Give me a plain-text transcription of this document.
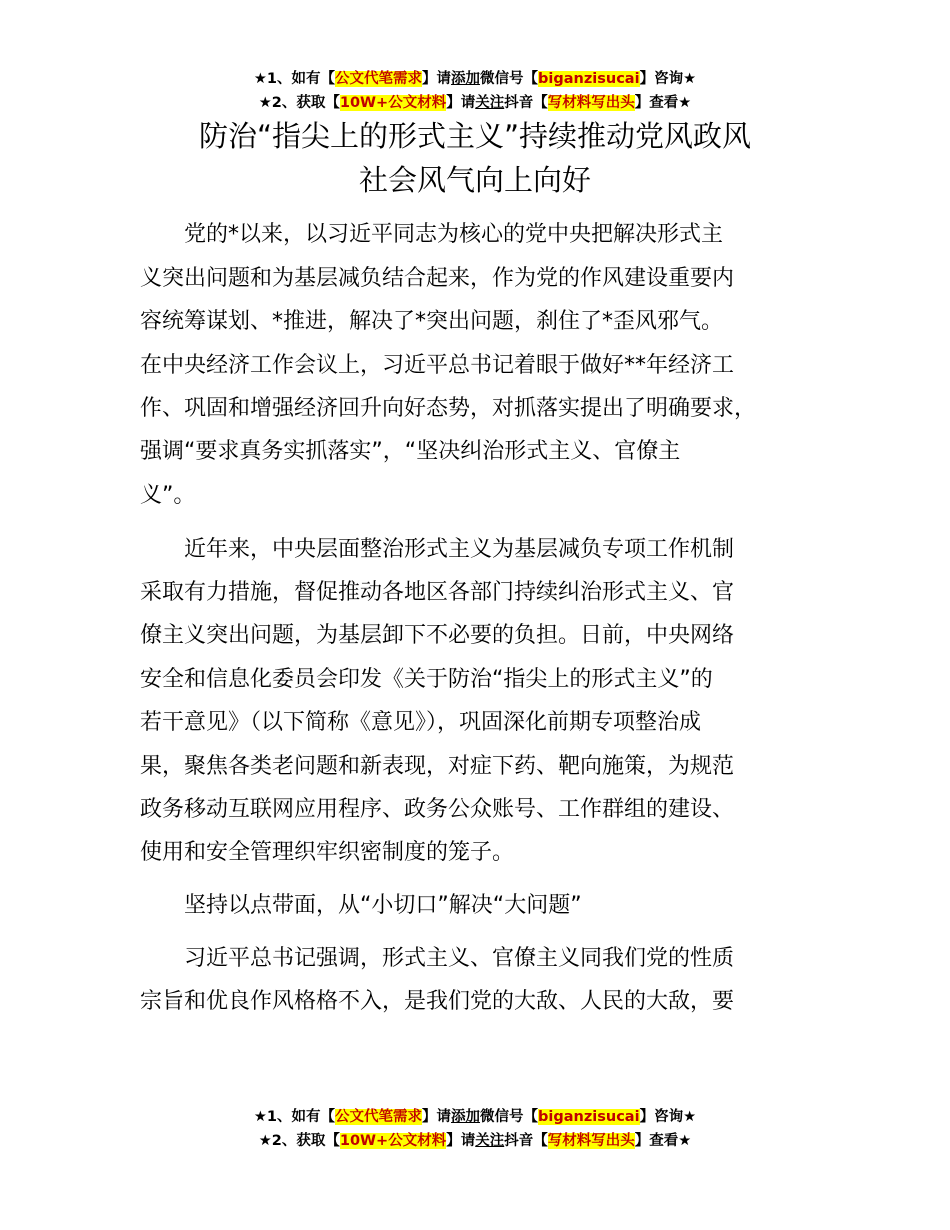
★1、如有【公文代笔需求】请添加微信号【biganzisucai】咨询★
★2、获取【10W+公文材料】请关注抖音【写材料写出头】查看★
防治“指尖上的形式主义”持续推动党风政风
社会风气向上向好
　　党的*以来，以习近平同志为核心的党中央把解决形式主
义突出问题和为基层减负结合起来，作为党的作风建设重要内
容统筹谋划、*推进，解决了*突出问题，刹住了*歪风邪气。
在中央经济工作会议上，习近平总书记着眼于做好**年经济工
作、巩固和增强经济回升向好态势，对抓落实提出了明确要求，
强调“要求真务实抓落实”，“坚决纠治形式主义、官僚主
义”。
　　近年来，中央层面整治形式主义为基层减负专项工作机制
采取有力措施，督促推动各地区各部门持续纠治形式主义、官
僚主义突出问题，为基层卸下不必要的负担。日前，中央网络
安全和信息化委员会印发《关于防治“指尖上的形式主义”的
若干意见》（以下简称《意见》），巩固深化前期专项整治成
果，聚焦各类老问题和新表现，对症下药、靶向施策，为规范
政务移动互联网应用程序、政务公众账号、工作群组的建设、
使用和安全管理织牢织密制度的笼子。
　　坚持以点带面，从“小切口”解决“大问题”
　　习近平总书记强调，形式主义、官僚主义同我们党的性质
宗旨和优良作风格格不入，是我们党的大敌、人民的大敌，要
★1、如有【公文代笔需求】请添加微信号【biganzisucai】咨询★
★2、获取【10W+公文材料】请关注抖音【写材料写出头】查看★
